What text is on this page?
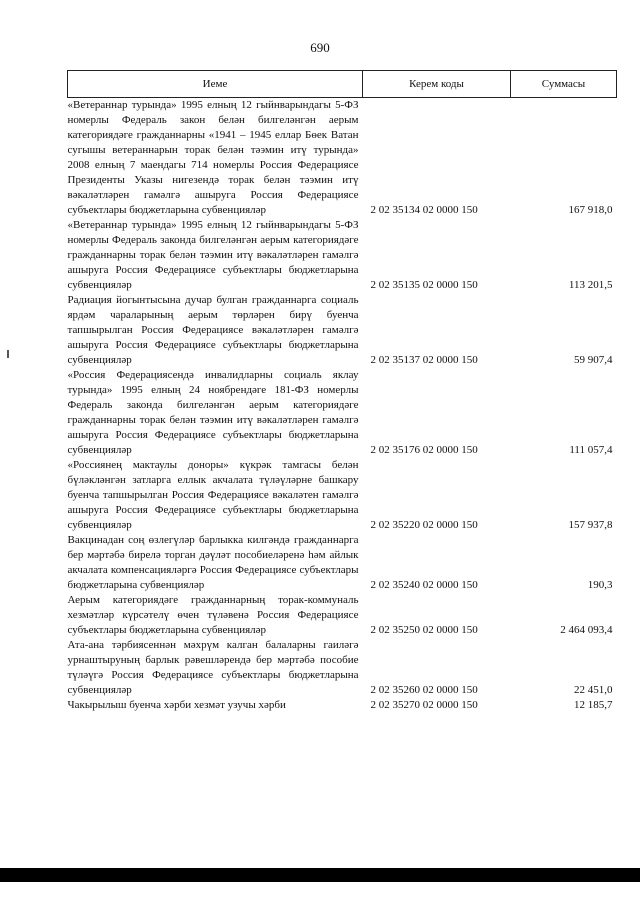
690
Иеме	Керем коды	Суммасы
«Ветераннар турында» 1995 елның 12 гыйнварындагы 5-ФЗ номерлы Федераль закон белән билгеләнгән аерым категориядәге гражданнарны «1941 – 1945 еллар Бөек Ватан сугышы ветераннарын торак белән тәэмин итү турында» 2008 елның 7 маендагы 714 номерлы Россия Федерациясе Президенты Указы нигезендә торак белән тәэмин итү вәкаләтләрен гамәлгә ашыруга Россия Федерациясе субъектлары бюджетларына субвенцияләр	2 02 35134 02 0000 150	167 918,0
«Ветераннар турында» 1995 елның 12 гыйнварындагы 5-ФЗ номерлы Федераль законда билгеләнгән аерым категориядәге гражданнарны торак белән тәэмин итү вәкаләтләрен гамәлгә ашыруга Россия Федерациясе субъектлары бюджетларына субвенцияләр	2 02 35135 02 0000 150	113 201,5
Радиация йогынтысына дучар булган гражданнарга социаль ярдәм чараларының аерым төрләрен бирү буенча тапшырылган Россия Федерациясе вәкаләтләрен гамәлгә ашыруга Россия Федерациясе субъектлары бюджетларына субвенцияләр	2 02 35137 02 0000 150	59 907,4
«Россия Федерациясендә инвалидларны социаль яклау турында» 1995 елның 24 ноябрендәге 181-ФЗ номерлы Федераль законда билгеләнгән аерым категориядәге гражданнарны торак белән тәэмин итү вәкаләтләрен гамәлгә ашыруга Россия Федерациясе субъектлары бюджетларына субвенцияләр	2 02 35176 02 0000 150	111 057,4
«Россиянең мактаулы доноры» күкрәк тамгасы белән бүләкләнгән затларга еллык акчалата түләүләрне башкару буенча тапшырылган Россия Федерациясе вәкаләтен гамәлгә ашыруга Россия Федерациясе субъектлары бюджетларына субвенцияләр	2 02 35220 02 0000 150	157 937,8
Вакцинадан соң өзлегүләр барлыкка килгәндә гражданнарга бер мәртәбә бирелә торган дәүләт пособиеләренә һәм айлык акчалата компенсацияләргә Россия Федерациясе субъектлары бюджетларына субвенцияләр	2 02 35240 02 0000 150	190,3
Аерым категориядәге гражданнарның торак-коммуналь хезмәтләр күрсәтелү өчен түләвенә Россия Федерациясе субъектлары бюджетларына субвенцияләр	2 02 35250 02 0000 150	2 464 093,4
Ата-ана тәрбиясеннән мәхрүм калган балаларны гаиләгә урнаштыруның барлык рәвешләрендә бер мәртәбә пособие түләүгә Россия Федерациясе субъектлары бюджетларына субвенцияләр	2 02 35260 02 0000 150	22 451,0
Чакырылыш буенча хәрби хезмәт узучы хәрби	2 02 35270 02 0000 150	12 185,7
